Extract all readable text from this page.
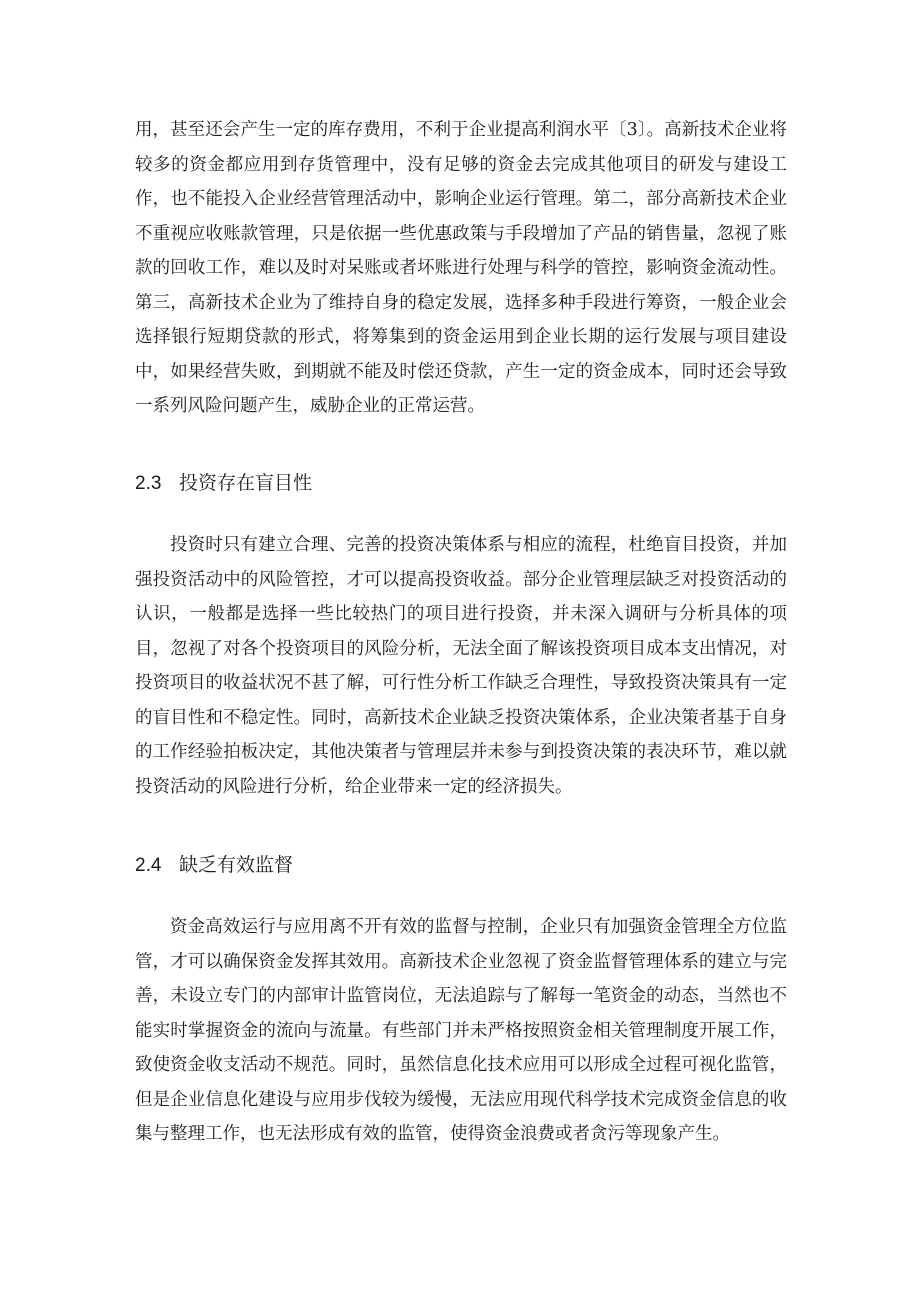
用，甚至还会产生一定的库存费用，不利于企业提高利润水平〔3〕。高新技术企业将较多的资金都应用到存货管理中，没有足够的资金去完成其他项目的研发与建设工作，也不能投入企业经营管理活动中，影响企业运行管理。第二，部分高新技术企业不重视应收账款管理，只是依据一些优惠政策与手段增加了产品的销售量，忽视了账款的回收工作，难以及时对呆账或者坏账进行处理与科学的管控，影响资金流动性。第三，高新技术企业为了维持自身的稳定发展，选择多种手段进行筹资，一般企业会选择银行短期贷款的形式，将筹集到的资金运用到企业长期的运行发展与项目建设中，如果经营失败，到期就不能及时偿还贷款，产生一定的资金成本，同时还会导致一系列风险问题产生，威胁企业的正常运营。

2.3 投资存在盲目性

投资时只有建立合理、完善的投资决策体系与相应的流程，杜绝盲目投资，并加强投资活动中的风险管控，才可以提高投资收益。部分企业管理层缺乏对投资活动的认识，一般都是选择一些比较热门的项目进行投资，并未深入调研与分析具体的项目，忽视了对各个投资项目的风险分析，无法全面了解该投资项目成本支出情况，对投资项目的收益状况不甚了解，可行性分析工作缺乏合理性，导致投资决策具有一定的盲目性和不稳定性。同时，高新技术企业缺乏投资决策体系，企业决策者基于自身的工作经验拍板决定，其他决策者与管理层并未参与到投资决策的表决环节，难以就投资活动的风险进行分析，给企业带来一定的经济损失。

2.4 缺乏有效监督

资金高效运行与应用离不开有效的监督与控制，企业只有加强资金管理全方位监管，才可以确保资金发挥其效用。高新技术企业忽视了资金监督管理体系的建立与完善，未设立专门的内部审计监管岗位，无法追踪与了解每一笔资金的动态，当然也不能实时掌握资金的流向与流量。有些部门并未严格按照资金相关管理制度开展工作，致使资金收支活动不规范。同时，虽然信息化技术应用可以形成全过程可视化监管，但是企业信息化建设与应用步伐较为缓慢，无法应用现代科学技术完成资金信息的收集与整理工作，也无法形成有效的监管，使得资金浪费或者贪污等现象产生。
